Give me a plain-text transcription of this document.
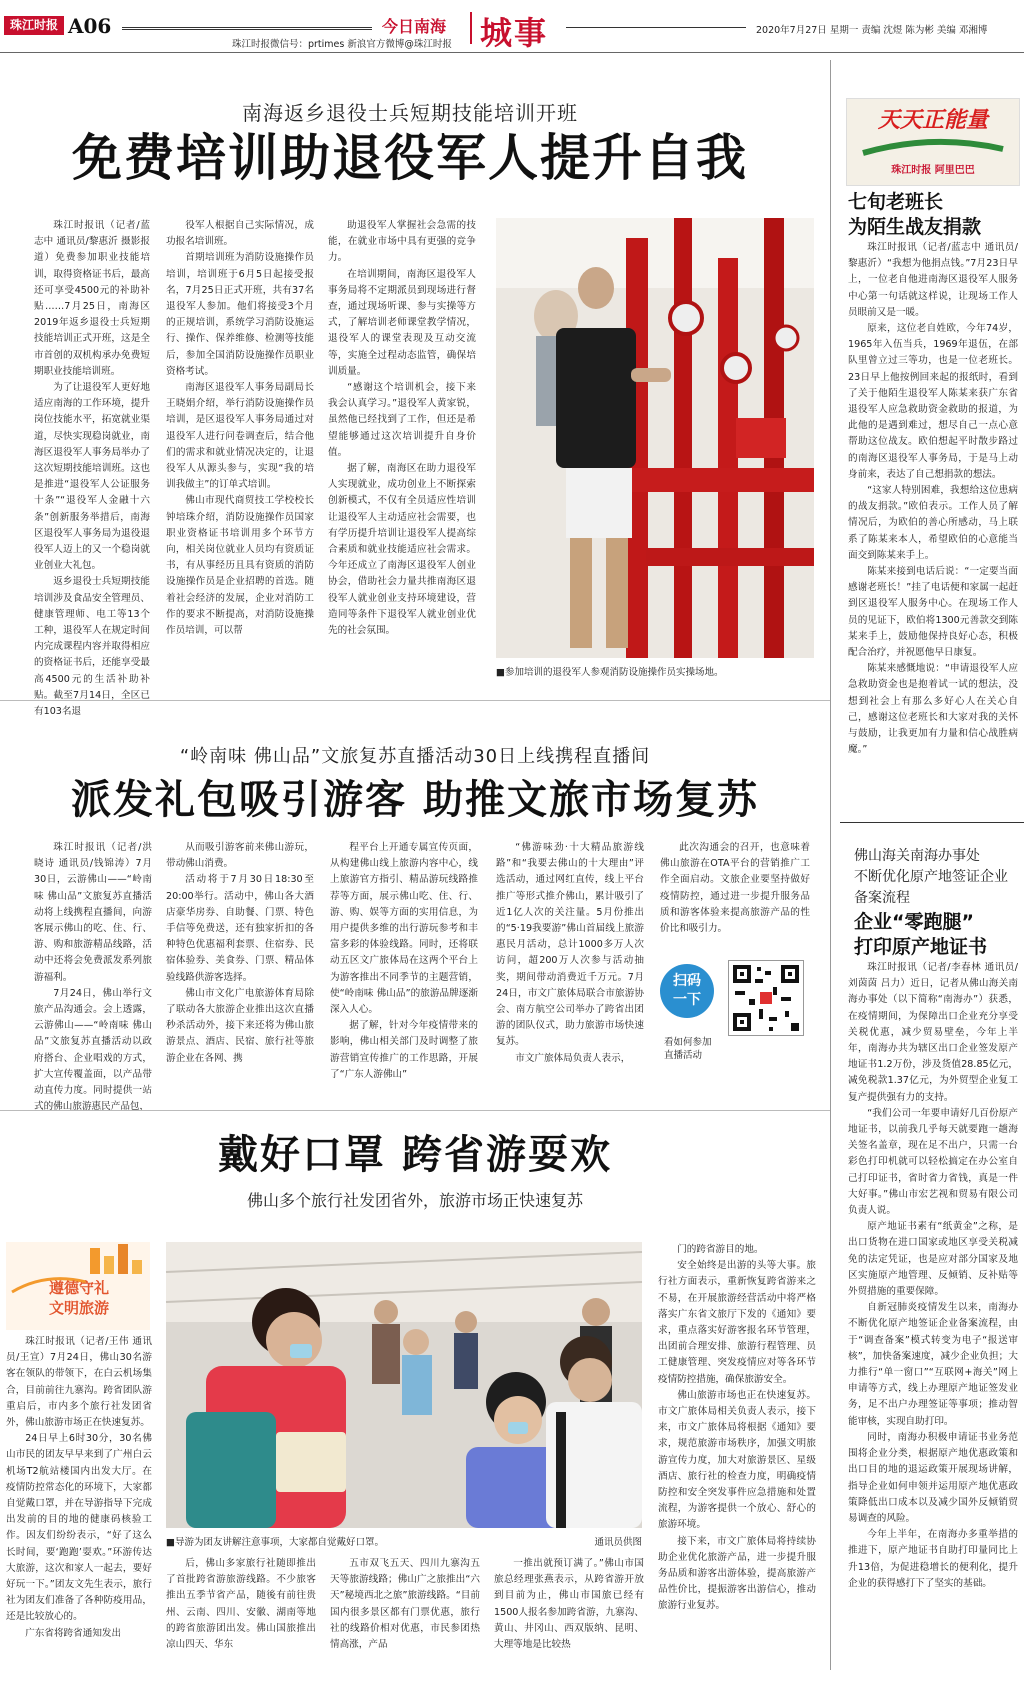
珠江时报 A06
珠江时报微信号：prtimes 新浪官方微博@珠江时报
今日南海 城事	2020年7月27日 星期一 责编 沈煜 陈为彬 美编 邓湘博
南海返乡退役士兵短期技能培训开班
免费培训助退役军人提升自我

珠江时报讯（记者/蓝志中 通讯员/黎惠沂 摄影报道）免费参加职业技能培训，取得资格证书后，最高还可享受4500元的补助补贴……7月25日，南海区2019年返乡退役士兵短期技能培训正式开班，这是全市首创的双机构承办免费短期职业技能培训班。

为了让退役军人更好地适应南海的工作环境，提升岗位技能水平，拓宽就业渠道，尽快实现稳岗就业，南海区退役军人事务局举办了这次短期技能培训班。这也是推进“退役军人公证服务十条”“退役军人金融十六条”创新服务举措后，南海区退役军人事务局为退役退役军人迈上的又一个稳岗就业创业大礼包。

返乡退役士兵短期技能培训涉及食品安全管理员、健康管理师、电工等13个工种，退役军人在规定时间内完成课程内容并取得相应的资格证书后，还能享受最高4500元的生活补助补贴。截至7月14日，全区已有103名退

役军人根据自己实际情况，成功报名培训班。

首期培训班为消防设施操作员培训，培训班于6月5日起接受报名，7月25日正式开班，共有37名退役军人参加。他们将接受3个月的正规培训，系统学习消防设施运行、操作、保养维修、检测等技能后，参加全国消防设施操作员职业资格考试。

南海区退役军人事务局副局长王晓娟介绍，举行消防设施操作员培训，是区退役军人事务局通过对退役军人进行问卷调查后，结合他们的需求和就业情况决定的，让退役军人从源头参与，实现“我的培训我做主”的订单式培训。

佛山市现代商贸技工学校校长钟培珠介绍，消防设施操作员国家职业资格证书培训用多个环节方向，相关岗位就业人员均有资质证书，有从事经历且具有资质的消防设施操作员是企业招聘的首选。随着社会经济的发展，企业对消防工作的要求不断提高，对消防设施操作员培训，可以帮

助退役军人掌握社会急需的技能，在就业市场中具有更强的竞争力。

在培训期间，南海区退役军人事务局将不定期派员到现场进行督查，通过现场听课、参与实操等方式，了解培训老师课堂教学情况，退役军人的课堂表现及互动交流等，实施全过程动态监管，确保培训质量。

“感谢这个培训机会，接下来我会认真学习。”退役军人黄家锐，虽然他已经找到了工作，但还是希望能够通过这次培训提升自身价值。

据了解，南海区在助力退役军人实现就业，成功创业上不断探索创新模式，不仅有全员适应性培训让退役军人主动适应社会需要，也有学历提升培训让退役军人提高综合素质和就业技能适应社会需求。今年还成立了南海区退役军人创业协会，借助社会力量共推南海区退役军人就业创业支持环境建设，营造同等条件下退役军人就业创业优先的社会氛围。

■参加培训的退役军人参观消防设施操作员实操场地。
天天正能量
珠江时报 阿里巴巴
七旬老班长
为陌生战友捐款

珠江时报讯（记者/蓝志中 通讯员/黎惠沂）“我想为他捐点钱。”7月23日早上，一位老自他进南海区退役军人服务中心第一句话就这样说，让现场工作人员眼前又是一暖。

原来，这位老自姓欧，今年74岁，1965年入伍当兵，1969年退伍，在部队里曾立过三等功，也是一位老班长。23日早上他按例回来起的报纸时，看到了关于他陌生退役军人陈某来获广东省退役军人应急救助资金救助的报道，为此他的是遇到难过，想尽自己一点心意帮助这位战友。欧伯想起平时散步路过的南海区退役军人事务局，于是马上动身前来，表达了自己想捐款的想法。

“这家人特别困难，我想给这位患病的战友捐款。”欧伯表示。工作人员了解情况后，为欧伯的善心所感动，马上联系了陈某来本人，希望欧伯的心意能当面交到陈某来手上。

陈某来接到电话后说：“一定要当面感谢老班长！”挂了电话便和家属一起赶到区退役军人服务中心。在现场工作人员的见证下，欧伯将1300元善款交到陈某来手上，鼓励他保持良好心态，积极配合治疗，并祝愿他早日康复。

陈某来感慨地说：“申请退役军人应急救助资金也是抱着试一试的想法，没想到社会上有那么多好心人在关心自己，感谢这位老班长和大家对我的关怀与鼓励，让我更加有力量和信心战胜病魔。”

佛山海关南海办事处
不断优化原产地签证企业
备案流程
企业“零跑腿”
打印原产地证书

珠江时报讯（记者/李春林 通讯员/刘茵茵 吕力）近日，记者从佛山海关南海办事处（以下简称“南海办”）获悉，在疫情期间，为保障出口企业充分享受关税优惠，减少贸易壁垒，今年上半年，南海办共为辖区出口企业签发原产地证书1.2万份，涉及货值28.85亿元，减免税款1.37亿元，为外贸型企业复工复产提供强有力的支持。

“我们公司一年要申请好几百份原产地证书，以前我几乎每天就要跑一趟海关签名盖章，现在足不出户，只需一台彩色打印机就可以轻松搞定在办公室自己打印证书，省时省力省钱，真是一件大好事。”佛山市宏艺视和贸易有限公司负责人说。

原产地证书素有“纸黄金”之称，是出口货物在进口国家或地区享受关税减免的法定凭证，也是应对部分国家及地区实施原产地管理、反倾销、反补贴等外贸措施的重要保障。

自新冠肺炎疫情发生以来，南海办不断优化原产地签证企业备案流程，由于“调查备案”模式转变为电子“报送审核”，加快备案速度，减少企业负担；大力推行“单一窗口”“互联网+海关”网上申请等方式，线上办理原产地证签发业务，足不出户办理签证等事项；推动智能审核，实现自助打印。

同时，南海办积极申请证书业务范围将企业分类，根据原产地优惠政策和出口目的地的退运政策开展现场讲解，指导企业如何申领并运用原产地优惠政策降低出口成本以及减少国外反倾销贸易调查的风险。

今年上半年，在南海办多重举措的推进下，原产地证书自助打印量同比上升13倍，为促进稳增长的便利化，提升企业的获得感打下了坚实的基础。

“岭南味 佛山品”文旅复苏直播活动30日上线携程直播间
派发礼包吸引游客 助推文旅市场复苏

珠江时报讯（记者/洪晓诗 通讯员/钱锦涛）7月30日，云游佛山——“岭南味 佛山品”文旅复苏直播活动将上线携程直播间，向游客展示佛山的吃、住、行、游、购和旅游精品线路，活动中还将会免费派发系列旅游福利。

7月24日，佛山举行文旅产品沟通会。会上透露，云游佛山——“岭南味 佛山品”文旅复苏直播活动以政府搭台、企业唱戏的方式，扩大宣传覆盖面，以产品带动直传力度。同时提供一站式的佛山旅游惠民产品包，

从而吸引游客前来佛山游玩，带动佛山消费。

活动将于7月30日18:30至20:00举行。活动中，佛山各大酒店豪华房券、自助餐、门票、特色手信等免费送，还有独家折扣的各种特色优惠福利套票、住宿券、民宿体验券、美食券、门票、精品体验线路供游客选择。

佛山市文化广电旅游体育局除了联动各大旅游企业推出这次直播秒杀活动外，接下来还将为佛山旅游景点、酒店、民宿、旅行社等旅游企业在各网、携

程平台上开通专属宣传页面，从构建佛山线上旅游内容中心，线上旅游官方指引、精品游玩线路推荐等方面，展示佛山吃、住、行、游、购、娱等方面的实用信息，为用户提供多维的出行游玩参考和丰富多彩的体验线路。同时，还将联动五区文广旅体局在这两个平台上为游客推出不同季节的主题营销，使“岭南味 佛山品”的旅游品牌逐渐深入人心。

据了解，针对今年疫情带来的影响，佛山相关部门及时调整了旅游营销宣传推广的工作思路，开展了“广东人游佛山”

“佛游味劲·十大精品旅游线路”和“我要去佛山的十大理由”评选活动，通过网红直传，线上平台推广等形式推介佛山，累计吸引了近1亿人次的关注量。5月份推出的“5·19我要游”佛山首届线上旅游惠民月活动，总计1000多万人次访问，超200万人次参与活动抽奖，期间带动消费近千万元。7月24日，市文广旅体局联合市旅游协会、南方航空公司举办了跨省出团游的团队仪式，助力旅游市场快速复苏。

市文广旅体局负责人表示，

此次沟通会的召开，也意味着佛山旅游在OTA平台的营销推广工作全面启动。文旅企业要坚持做好疫情防控，通过进一步提升服务品质和游客体验来提高旅游产品的性价比和吸引力。

扫码
一下
看如何参加
直播活动
戴好口罩 跨省游耍欢
佛山多个旅行社发团省外，旅游市场正快速复苏
遵德守礼
文明旅游

珠江时报讯（记者/王伟 通讯员/王宣）7月24日，佛山30名游客在领队的带领下，在白云机场集合，目前前往九寨沟。跨省团队游重启后，市内多个旅行社发团省外，佛山旅游市场正在快速复苏。

24日早上6时30分，30名佛山市民的团友早早来到了广州白云机场T2航站楼国内出发大厅。在疫情防控常态化的环境下，大家都自觉戴口罩，并在导游指导下完成出发前的目的地的健康码核验工作。因友们纷纷表示，“好了这么长时间，要‘跑跑’耍欢。”环游传达大旅游，这次和家人一起去，要好好玩一下。”团友文先生表示，旅行社为团友们准备了各种防疫用品，还是比较放心的。

广东省将跨省通知发出

■导游为团友讲解注意事项，大家都自觉戴好口罩。	通讯员供图

后，佛山多家旅行社随即推出了首批跨省游旅游线路。不少旅客推出五季节省产品，随後有前往贵州、云南、四川、安徽、湖南等地的跨省旅游团出发。佛山国旅推出凉山四天、华东

五市双飞五天、四川九寨沟五天等旅游线路；佛山广之旅推出“六天”秘境西北之旅”旅游线路。“目前国内很多景区都有门票优惠，旅行社的线路价相对优惠，市民参团热情高涨，产品

一推出就预订满了。”佛山市国旅总经理张燕表示，从跨省游开放到目前为止，佛山市国旅已经有1500人报名参加跨省游，九寨沟、黄山、井冈山、西双版纳、昆明、大理等地是比较热

门的跨省游目的地。

安全始终是出游的头等大事。旅行社方面表示，重新恢复跨省游来之不易，在开展旅游经营活动中将严格落实广东省文旅厅下发的《通知》要求，重点落实好游客报名环节管理，出团前合理安排、旅游行程管理、员工健康管理、突发疫情应对等各环节疫情防控措施，确保旅游安全。

佛山旅游市场也正在快速复苏。市文广旅体局相关负责人表示，接下来，市文广旅体局将根据《通知》要求，规范旅游市场秩序，加强文明旅游宣传力度，加大对旅游景区、星级酒店、旅行社的检查力度，明确疫情防控和安全突发事件应急措施和处置流程，为游客提供一个放心、舒心的旅游环境。

接下来，市文广旅体局将持续协助企业优化旅游产品，进一步提升服务品质和游客出游体验，提高旅游产品性价比，提振游客出游信心，推动旅游行业复苏。
